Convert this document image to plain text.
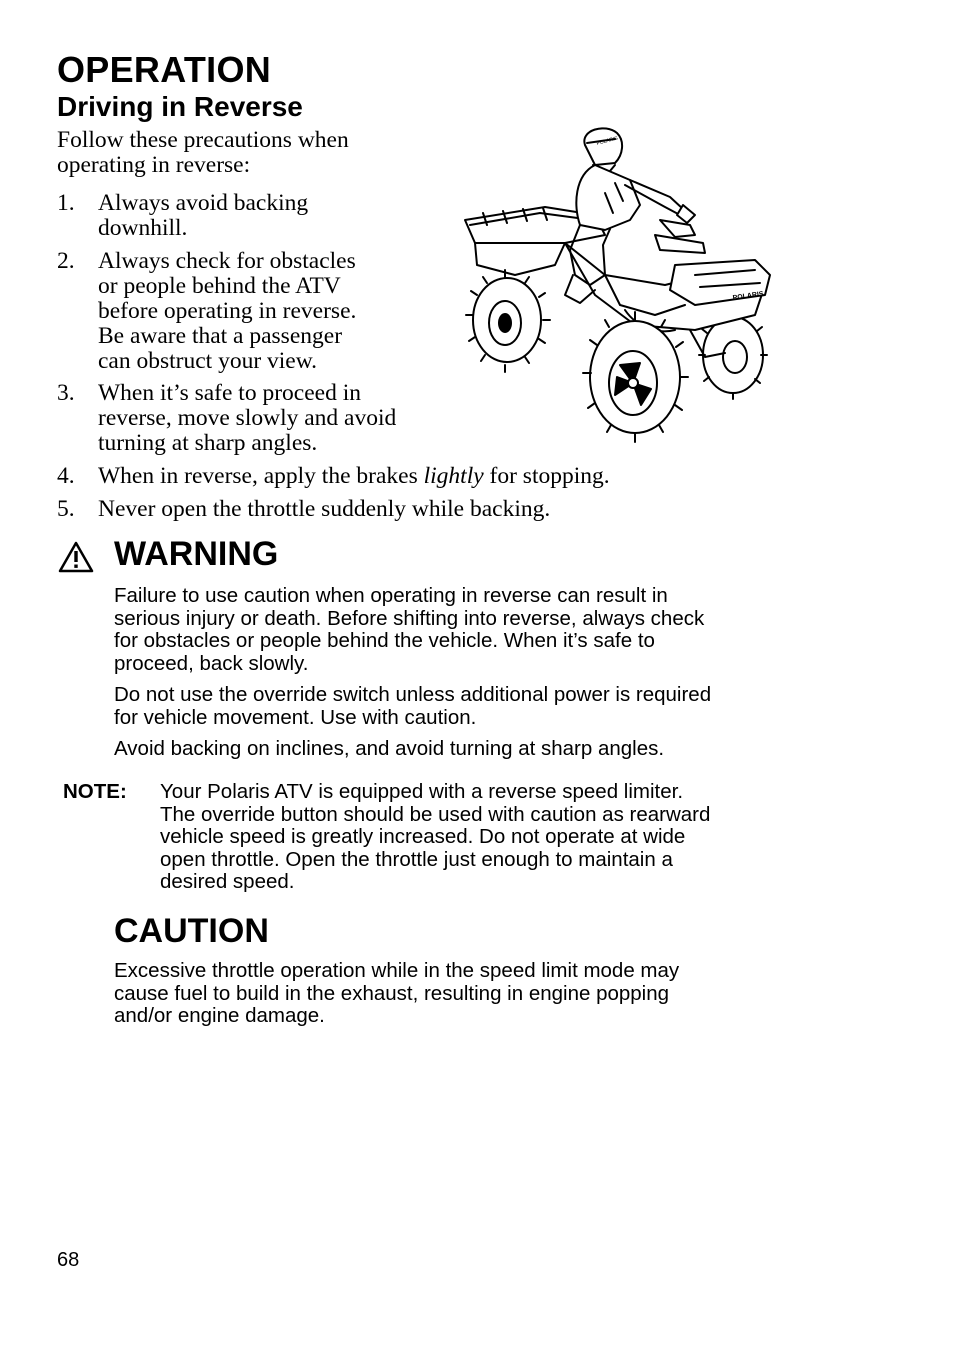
OPERATION
Driving in Reverse
Follow these precautions when
operating in reverse:
1. Always avoid backing
downhill.
2. Always check for obstacles
or people behind the ATV
before operating in reverse.
Be aware that a passenger
can obstruct your view.
3. When it’s safe to proceed in
reverse, move slowly and avoid
turning at sharp angles.
4. When in reverse, apply the brakes lightly for stopping.
5. Never open the throttle suddenly while backing.
POLARIS
POLARIS
WARNING
Failure to use caution when operating in reverse can result in
serious injury or death. Before shifting into reverse, always check
for obstacles or people behind the vehicle. When it’s safe to
proceed, back slowly.
Do not use the override switch unless additional power is required
for vehicle movement. Use with caution.
Avoid backing on inclines, and avoid turning at sharp angles.
NOTE: Your Polaris ATV is equipped with a reverse speed limiter.
The override button should be used with caution as rearward
vehicle speed is greatly increased. Do not operate at wide
open throttle. Open the throttle just enough to maintain a
desired speed.
CAUTION
Excessive throttle operation while in the speed limit mode may
cause fuel to build in the exhaust, resulting in engine popping
and/or engine damage.
68
